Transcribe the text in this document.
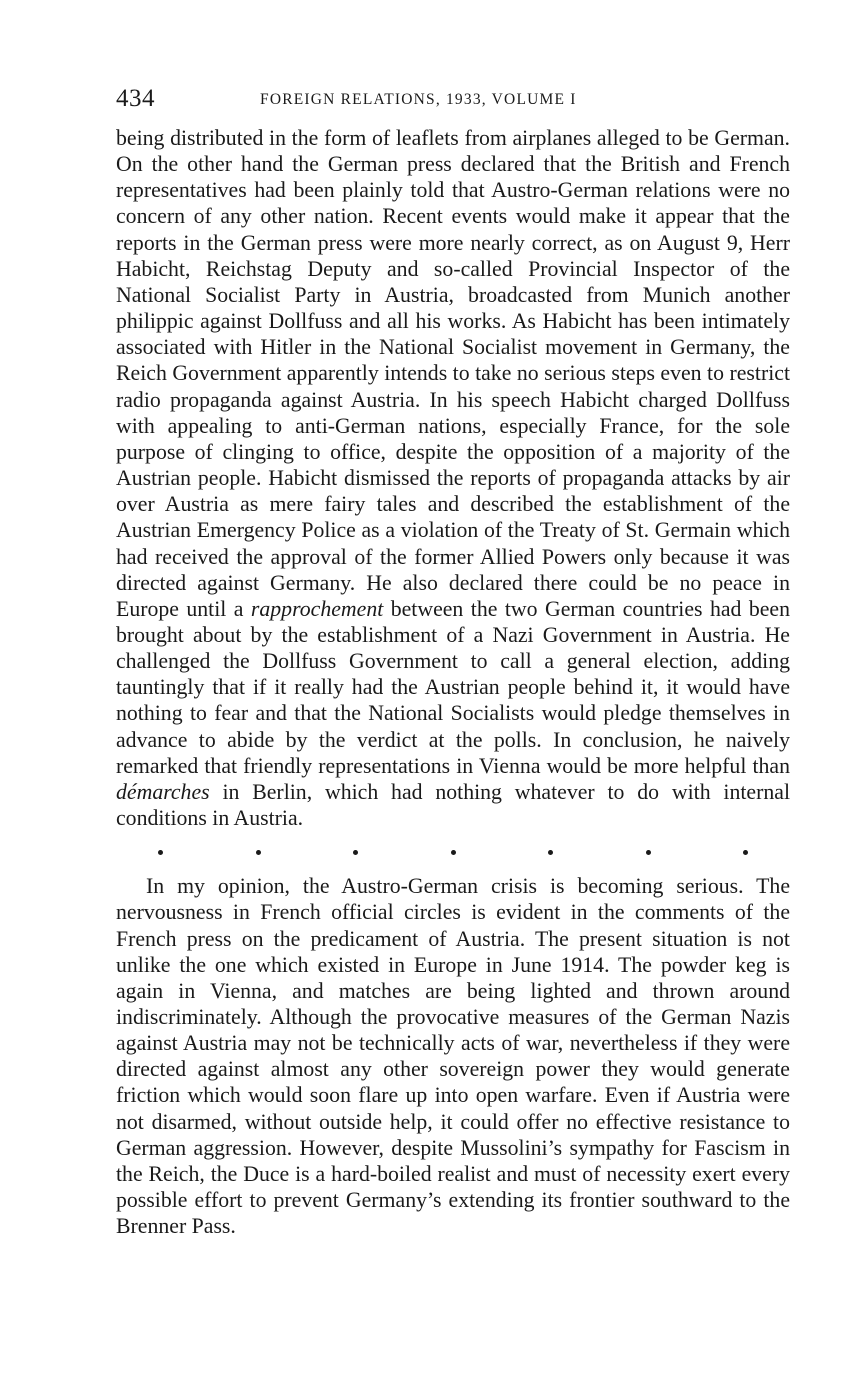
434	FOREIGN RELATIONS, 1933, VOLUME I

being distributed in the form of leaflets from airplanes alleged to be German. On the other hand the German press declared that the British and French representatives had been plainly told that Austro-German relations were no concern of any other nation. Recent events would make it appear that the reports in the German press were more nearly correct, as on August 9, Herr Habicht, Reichstag Deputy and so-called Provincial Inspector of the National Socialist Party in Austria, broadcasted from Munich another philippic against Dollfuss and all his works. As Habicht has been intimately associated with Hitler in the National Socialist movement in Germany, the Reich Government apparently intends to take no serious steps even to restrict radio propaganda against Austria. In his speech Habicht charged Dollfuss with appealing to anti-German nations, especially France, for the sole purpose of clinging to office, despite the opposition of a majority of the Austrian people. Habicht dismissed the reports of propaganda attacks by air over Austria as mere fairy tales and described the establishment of the Austrian Emergency Police as a violation of the Treaty of St. Germain which had received the approval of the former Allied Powers only because it was directed against Germany. He also declared there could be no peace in Europe until a rapprochement between the two German countries had been brought about by the establishment of a Nazi Government in Austria. He challenged the Dollfuss Government to call a general election, adding tauntingly that if it really had the Austrian people behind it, it would have nothing to fear and that the National Socialists would pledge themselves in advance to abide by the verdict at the polls. In conclusion, he naively remarked that friendly representations in Vienna would be more helpful than démarches in Berlin, which had nothing whatever to do with internal conditions in Austria.

In my opinion, the Austro-German crisis is becoming serious. The nervousness in French official circles is evident in the comments of the French press on the predicament of Austria. The present situation is not unlike the one which existed in Europe in June 1914. The powder keg is again in Vienna, and matches are being lighted and thrown around indiscriminately. Although the provocative measures of the German Nazis against Austria may not be technically acts of war, nevertheless if they were directed against almost any other sovereign power they would generate friction which would soon flare up into open warfare. Even if Austria were not disarmed, without outside help, it could offer no effective resistance to German aggression. However, despite Mussolini’s sympathy for Fascism in the Reich, the Duce is a hard-boiled realist and must of necessity exert every possible effort to prevent Germany’s extending its frontier southward to the Brenner Pass.
